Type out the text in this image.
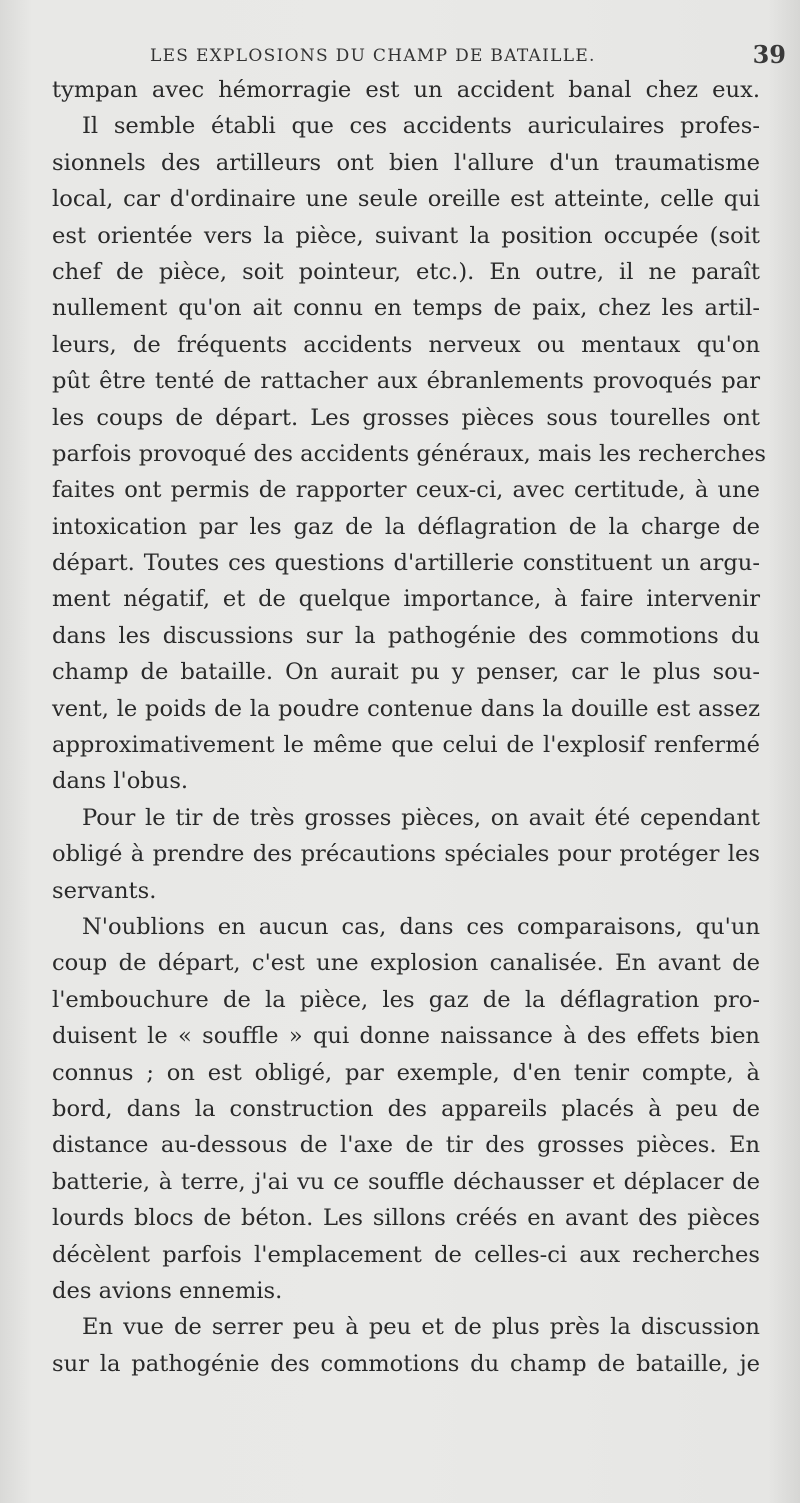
LES EXPLOSIONS DU CHAMP DE BATAILLE.	39
tympan avec hémorragie est un accident banal chez eux.
Il semble établi que ces accidents auriculaires profes-
sionnels des artilleurs ont bien l'allure d'un traumatisme
local, car d'ordinaire une seule oreille est atteinte, celle qui
est orientée vers la pièce, suivant la position occupée (soit
chef de pièce, soit pointeur, etc.). En outre, il ne paraît
nullement qu'on ait connu en temps de paix, chez les artil-
leurs, de fréquents accidents nerveux ou mentaux qu'on
pût être tenté de rattacher aux ébranlements provoqués par
les coups de départ. Les grosses pièces sous tourelles ont
parfois provoqué des accidents généraux, mais les recherches
faites ont permis de rapporter ceux-ci, avec certitude, à une
intoxication par les gaz de la déflagration de la charge de
départ. Toutes ces questions d'artillerie constituent un argu-
ment négatif, et de quelque importance, à faire intervenir
dans les discussions sur la pathogénie des commotions du
champ de bataille. On aurait pu y penser, car le plus sou-
vent, le poids de la poudre contenue dans la douille est assez
approximativement le même que celui de l'explosif renfermé
dans l'obus.
Pour le tir de très grosses pièces, on avait été cependant
obligé à prendre des précautions spéciales pour protéger les
servants.
N'oublions en aucun cas, dans ces comparaisons, qu'un
coup de départ, c'est une explosion canalisée. En avant de
l'embouchure de la pièce, les gaz de la déflagration pro-
duisent le « souffle » qui donne naissance à des effets bien
connus ; on est obligé, par exemple, d'en tenir compte, à
bord, dans la construction des appareils placés à peu de
distance au-dessous de l'axe de tir des grosses pièces. En
batterie, à terre, j'ai vu ce souffle déchausser et déplacer de
lourds blocs de béton. Les sillons créés en avant des pièces
décèlent parfois l'emplacement de celles-ci aux recherches
des avions ennemis.
En vue de serrer peu à peu et de plus près la discussion
sur la pathogénie des commotions du champ de bataille, je
